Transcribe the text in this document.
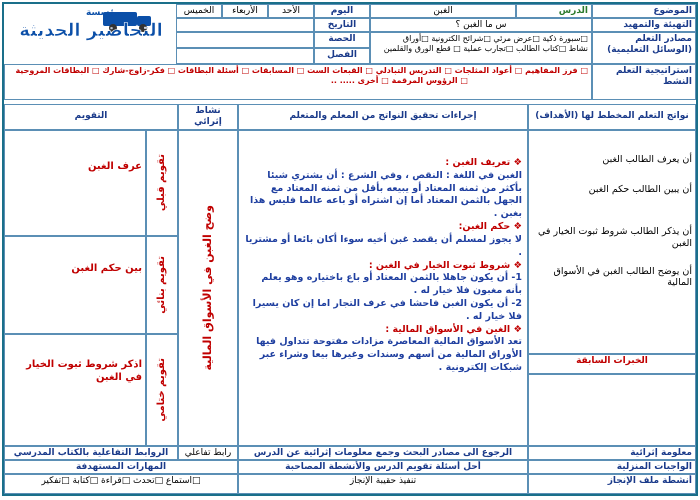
مؤسسة
التحاضير الحديثة
الموضوع
الدرس
الغبن
اليوم
الأحد
الأربعاء
الخميس
التهيئة والتمهيد
س ما الغبن ؟
التاريخ
مصادر التعلم
(الوسائل التعليمية)
□سبورة ذكية □عرض مرئي □شرائح الكترونية □أوراق
نشاط □كتاب الطالب □تجارب عملية □ قطع الورق والقلمين
الحصة
الفصل
استراتيجية التعلم النشط
□ فرز المفاهيم □ أعواد المثلجات □ التدريس التبادلي □ القبعات الست □ المسابقات □ أسئلة البطاقات □ فكر-زاوج-شارك □ البطاقات المروحية
□ الرؤوس المرقمة □ أخرى ..... ..
نواتج التعلم المخطط لها (الأهداف)
إجراءات تحقيق النواتج من المعلم والمتعلم
نشاط إثرائي
التقويم
أن يعرف الطالب الغبن
أن يبين الطالب حكم الغبن
أن يذكر الطالب شروط ثبوت الخيار في الغبن
أن يوضح الطالب الغبن في الأسواق المالية
الخبرات السابقة
❖ تعريف الغبن :
الغبن في اللغة : النقص ، وفي الشرع : أن يشتري شيئا بأكثر من ثمنه المعتاد أو يبيعه بأقل من ثمنه المعتاد مع الجهل بالثمن المعتاد أما إن اشتراه أو باعه عالما فليس هذا بغبن .
❖ حكم الغبن:
لا يجوز لمسلم أن يقصد غبن أخيه سوءا أكان بائعا أو مشتريا .
❖ شروط ثبوت الخيار في الغبن :
1- أن يكون جاهلا بالثمن المعتاد أو باع باختياره وهو يعلم بأنه مغبون فلا خيار له .
2- أن يكون الغبن فاحشا في عرف التجار اما إن كان يسيرا فلا خيار له .
❖ الغبن في الأسواق المالية :
تعد الأسواق المالية المعاصرة مزادات مفتوحة تتداول فيها الأوراق المالية من أسهم وسندات وغيرها بيعا وشراء عبر شبكات إلكترونية .
وضح الغبن في الأسواق المالية
تقويم قبلي
عرف الغبن
تقويم بنائي
بين حكم الغبن
تقويم ختامي
اذكر شروط ثبوت الخيار في الغبن
معلومة إثرائية
الرجوع الى مصادر البحث وجمع معلومات إثرائية عن الدرس
رابط تفاعلي
الروابط التفاعلية بالكتاب المدرسي
الواجبات المنزلية
أحل أسئلة تقويم الدرس والأنشطة المصاحبة
المهارات المستهدفة
أنشطة ملف الإنجاز
تنفيذ حقيبة الإنجاز
□استماع □تحدث □قراءة □كتابة □تفكير
